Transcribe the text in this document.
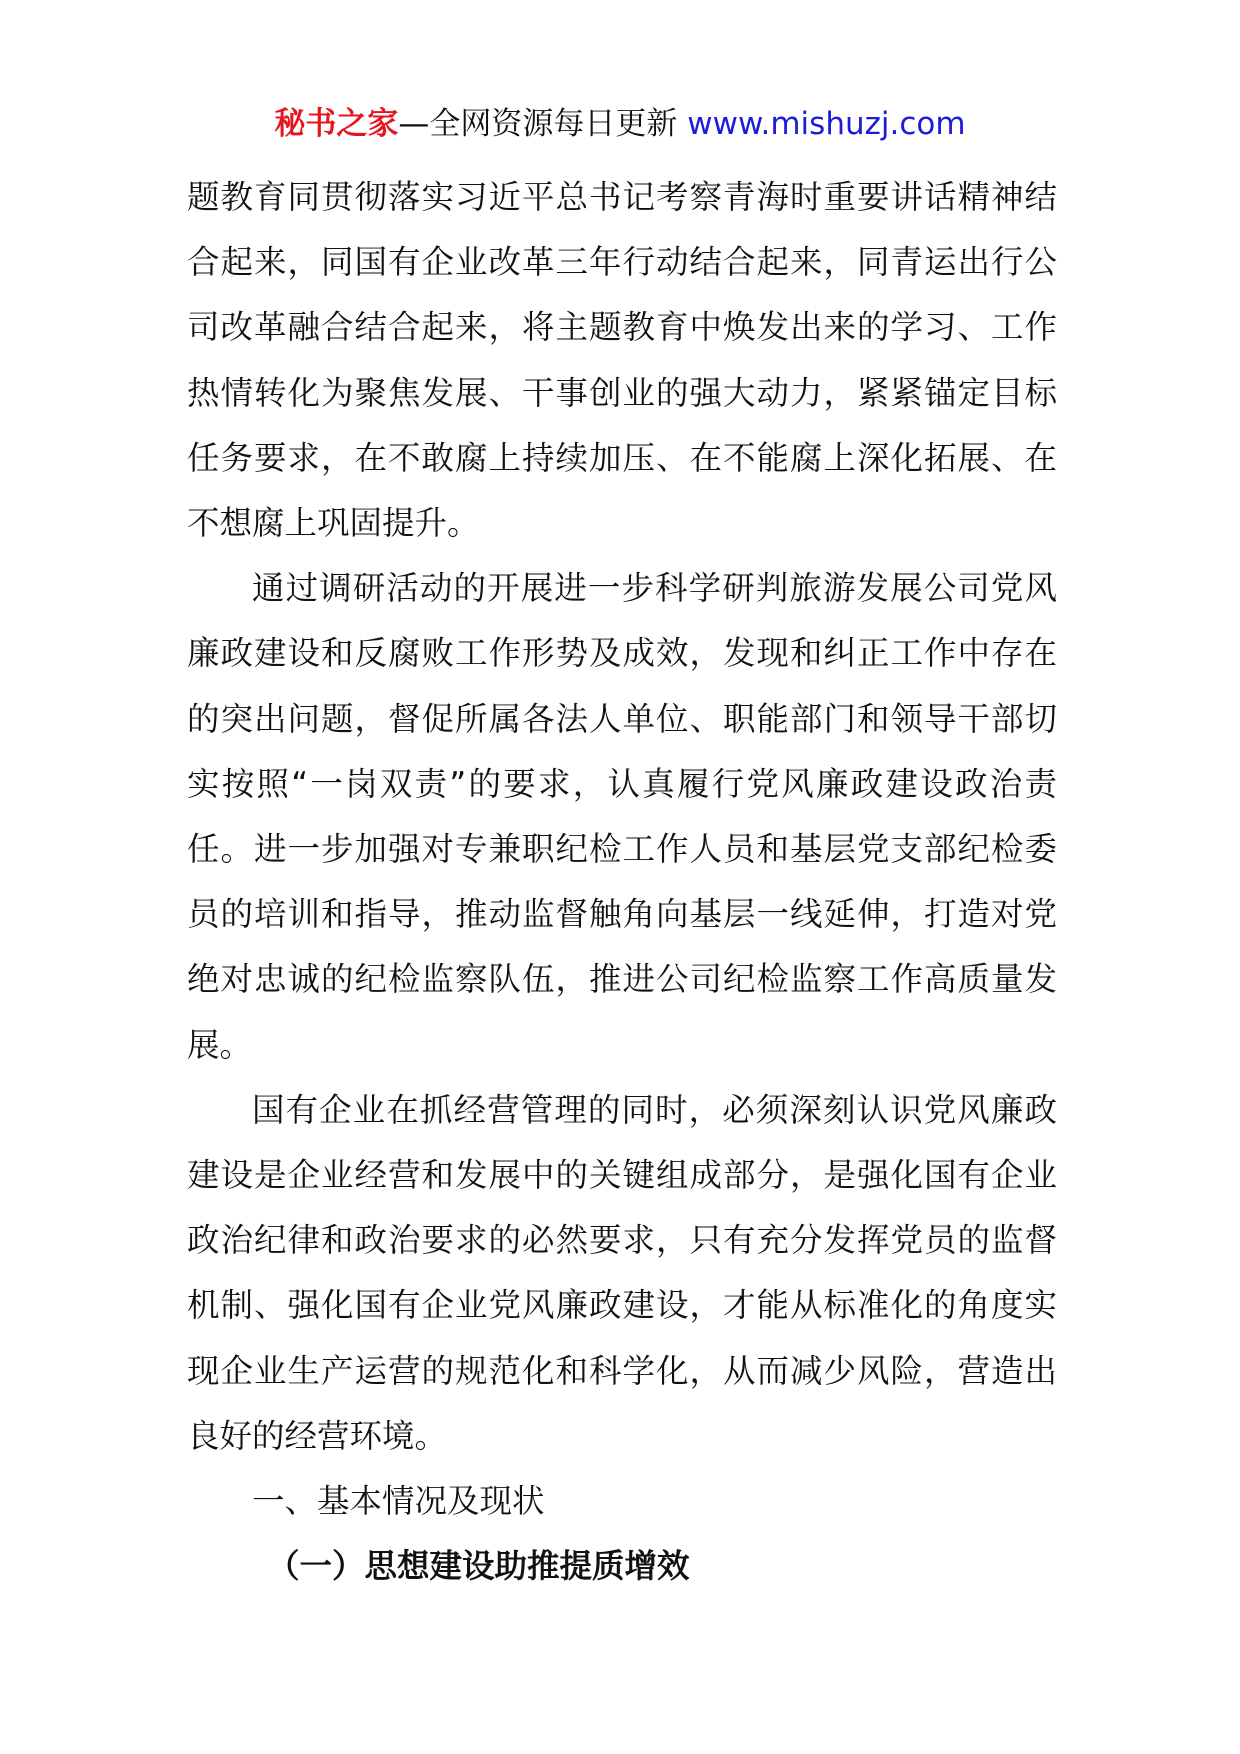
秘书之家—全网资源每日更新 www.mishuzj.com

题教育同贯彻落实习近平总书记考察青海时重要讲话精神结合起来，同国有企业改革三年行动结合起来，同青运出行公司改革融合结合起来，将主题教育中焕发出来的学习、工作热情转化为聚焦发展、干事创业的强大动力，紧紧锚定目标任务要求，在不敢腐上持续加压、在不能腐上深化拓展、在不想腐上巩固提升。

通过调研活动的开展进一步科学研判旅游发展公司党风廉政建设和反腐败工作形势及成效，发现和纠正工作中存在的突出问题，督促所属各法人单位、职能部门和领导干部切实按照“一岗双责”的要求，认真履行党风廉政建设政治责任。进一步加强对专兼职纪检工作人员和基层党支部纪检委员的培训和指导，推动监督触角向基层一线延伸，打造对党绝对忠诚的纪检监察队伍，推进公司纪检监察工作高质量发展。

国有企业在抓经营管理的同时，必须深刻认识党风廉政建设是企业经营和发展中的关键组成部分，是强化国有企业政治纪律和政治要求的必然要求，只有充分发挥党员的监督机制、强化国有企业党风廉政建设，才能从标准化的角度实现企业生产运营的规范化和科学化，从而减少风险，营造出良好的经营环境。

一、基本情况及现状

（一）思想建设助推提质增效
